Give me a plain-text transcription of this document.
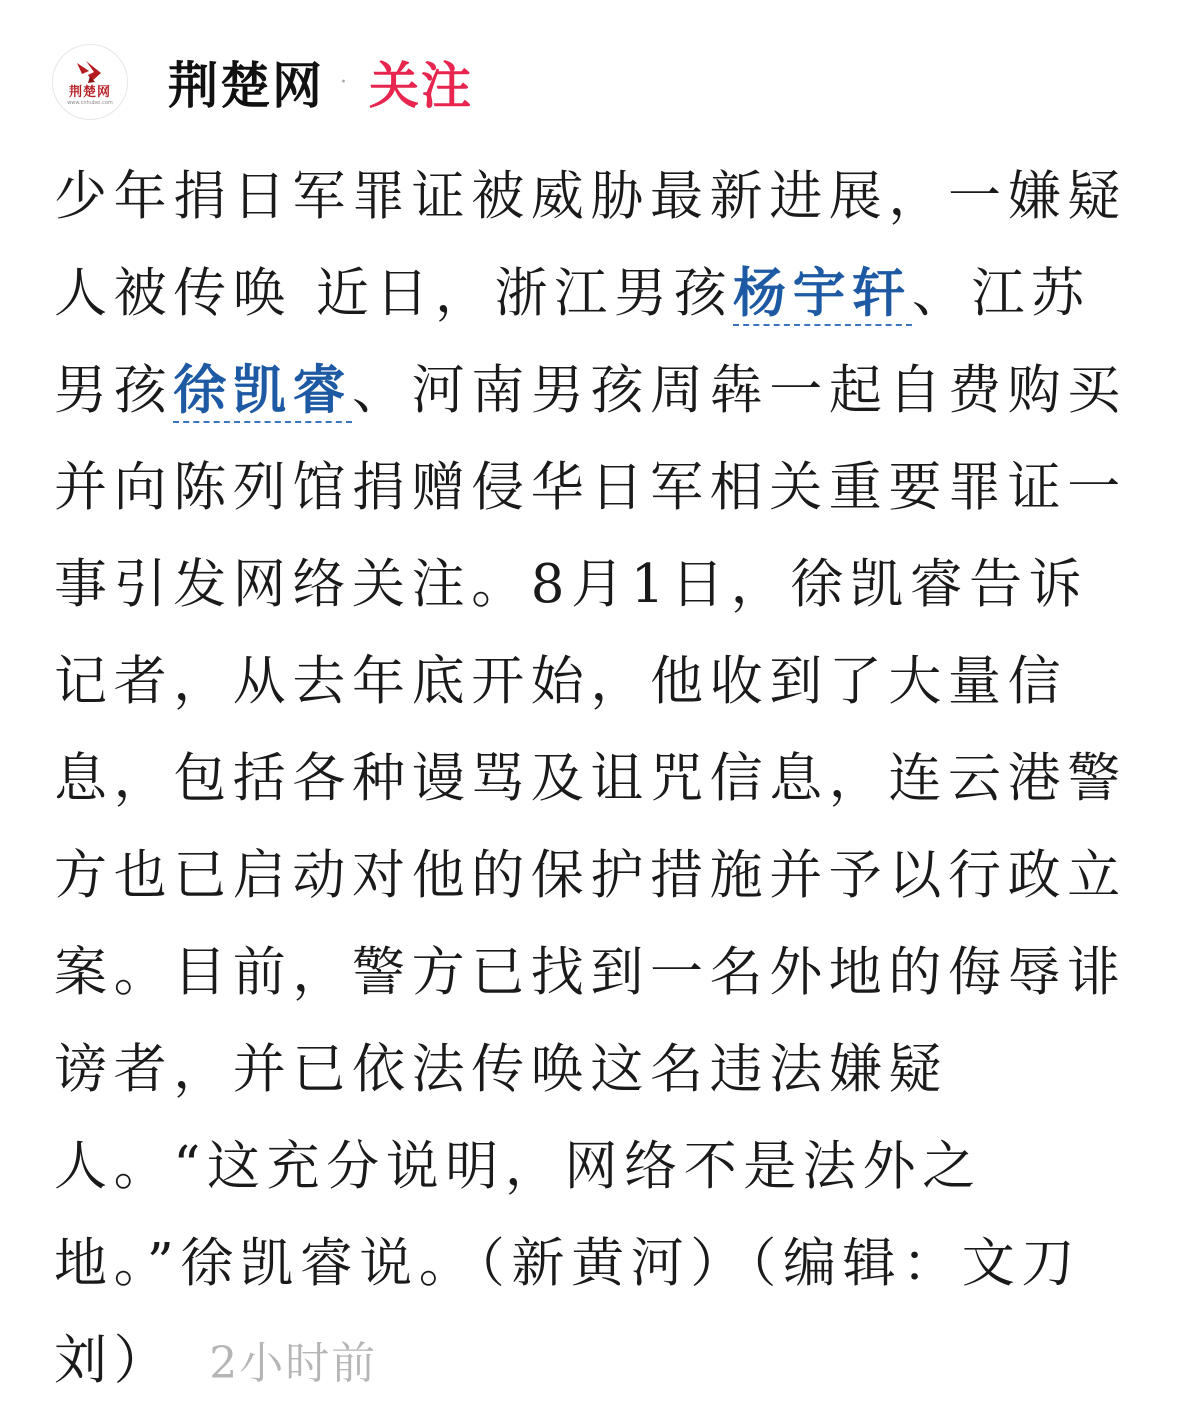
荆楚网
www.cnhubei.com 荆楚网 · 关注

少年捐日军罪证被威胁最新进展，一嫌疑人被传唤 近日，浙江男孩杨宇轩、江苏男孩徐凯睿、河南男孩周犇一起自费购买并向陈列馆捐赠侵华日军相关重要罪证一事引发网络关注。8月1日，徐凯睿告诉记者，从去年底开始，他收到了大量信息，包括各种谩骂及诅咒信息，连云港警方也已启动对他的保护措施并予以行政立案。目前，警方已找到一名外地的侮辱诽谤者，并已依法传唤这名违法嫌疑人。“这充分说明，网络不是法外之地。”徐凯睿说。（新黄河）（编辑：文刀刘） 2小时前
